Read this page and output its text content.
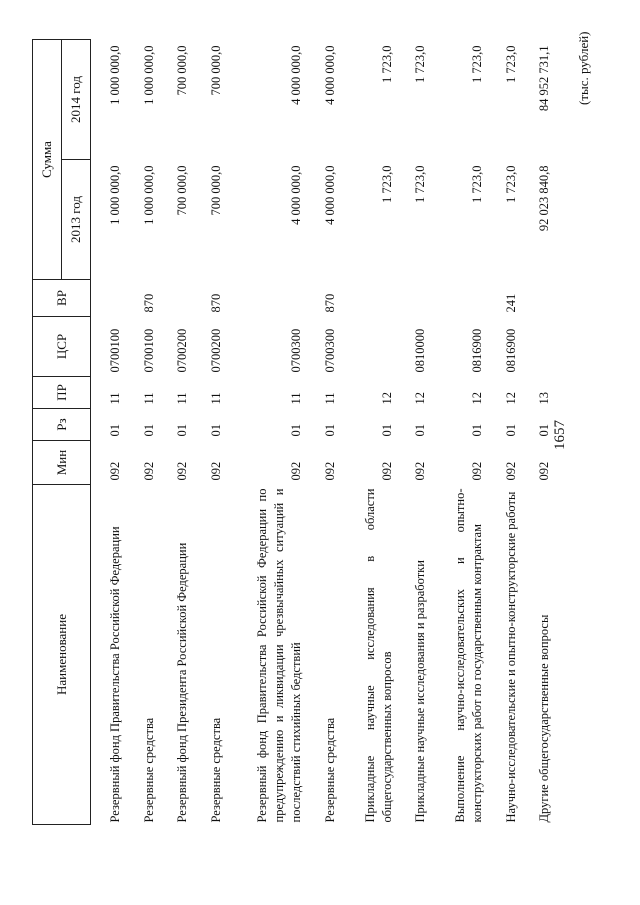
1657
(тыс. рублей)
Наименование	Мин	Рз	ПР	ЦСР	ВР	Сумма	
						2013 год	2014 год

Резервный фонд Правительства Российской Федерации	092	01	11	0700100		1 000 000,0	1 000 000,0
Резервные средства	092	01	11	0700100	870	1 000 000,0	1 000 000,0
Резервный фонд Президента Российской Федерации	092	01	11	0700200		700 000,0	700 000,0
Резервные средства	092	01	11	0700200	870	700 000,0	700 000,0
Резервный фонд Правительства Российской Федерации по предупреждению и ликвидации чрезвычайных ситуаций и последствий стихийных бедствий	092	01	11	0700300		4 000 000,0	4 000 000,0
Резервные средства	092	01	11	0700300	870	4 000 000,0	4 000 000,0
Прикладные научные исследования в области общегосударственных вопросов	092	01	12			1 723,0	1 723,0
Прикладные научные исследования и разработки	092	01	12	0810000		1 723,0	1 723,0
Выполнение научно-исследовательских и опытно-конструкторских работ по государственным контрактам	092	01	12	0816900		1 723,0	1 723,0
Научно-исследовательские и опытно-конструкторские работы	092	01	12	0816900	241	1 723,0	1 723,0
Другие общегосударственные вопросы	092	01	13			92 023 840,8	84 952 731,1
